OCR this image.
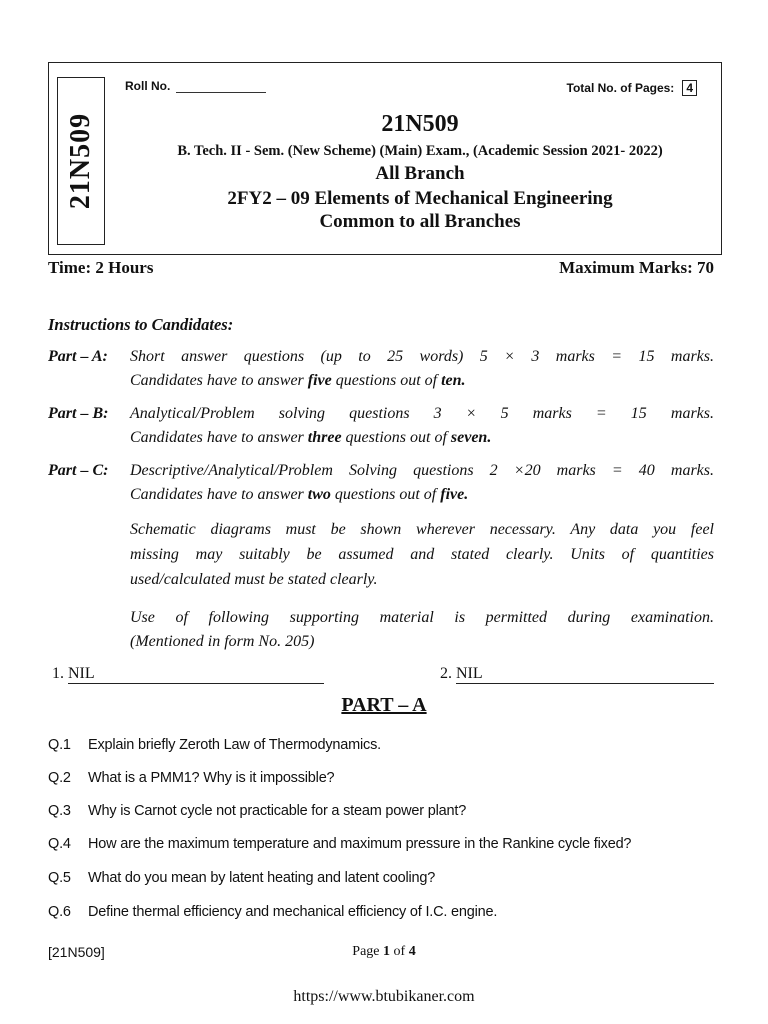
21N509
Roll No.	Total No. of Pages: 4
21N509
B. Tech. II - Sem. (New Scheme) (Main) Exam., (Academic Session 2021- 2022)
All Branch
2FY2 – 09 Elements of Mechanical Engineering
Common to all Branches
Time: 2 Hours	Maximum Marks: 70
Instructions to Candidates:
Part – A: Short answer questions (up to 25 words) 5 × 3 marks = 15 marks.
Candidates have to answer five questions out of ten.
Part – B: Analytical/Problem solving questions 3 × 5 marks = 15 marks.
Candidates have to answer three questions out of seven.
Part – C: Descriptive/Analytical/Problem Solving questions 2 ×20 marks = 40 marks.
Candidates have to answer two questions out of five.
Schematic diagrams must be shown wherever necessary. Any data you feel
missing may suitably be assumed and stated clearly. Units of quantities
used/calculated must be stated clearly.
Use of following supporting material is permitted during examination.
(Mentioned in form No. 205)
1. NIL	2. NIL
PART – A
Q.1 Explain briefly Zeroth Law of Thermodynamics.
Q.2 What is a PMM1? Why is it impossible?
Q.3 Why is Carnot cycle not practicable for a steam power plant?
Q.4 How are the maximum temperature and maximum pressure in the Rankine cycle fixed?
Q.5 What do you mean by latent heating and latent cooling?
Q.6 Define thermal efficiency and mechanical efficiency of I.C. engine.
[21N509]	Page 1 of 4
https://www.btubikaner.com
